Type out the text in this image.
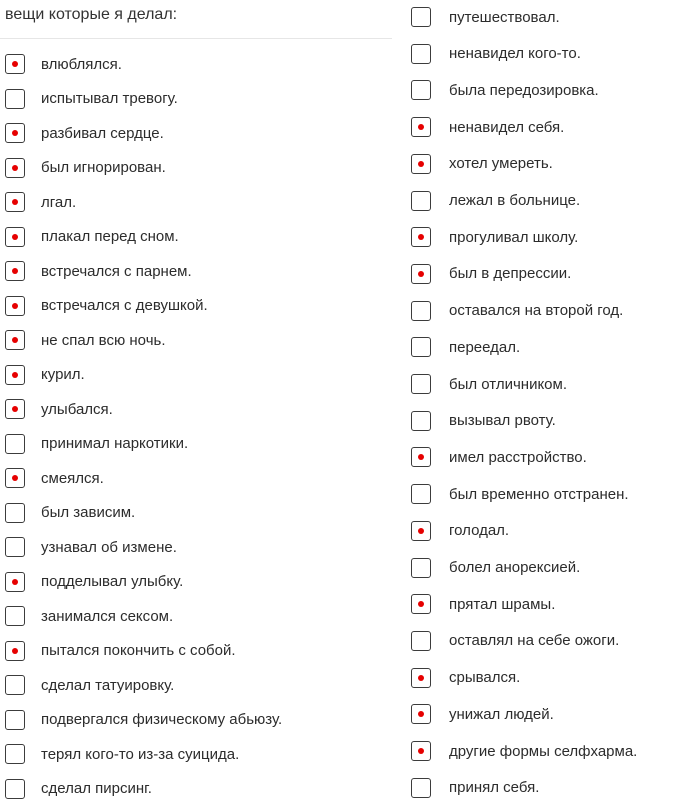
вещи которые я делал:
влюблялся.
испытывал тревогу.
разбивал сердце.
был игнорирован.
лгал.
плакал перед сном.
встречался с парнем.
встречался с девушкой.
не спал всю ночь.
курил.
улыбался.
принимал наркотики.
смеялся.
был зависим.
узнавал об измене.
подделывал улыбку.
занимался сексом.
пытался покончить с собой.
сделал татуировку.
подвергался физическому абьюзу.
терял кого-то из-за суицида.
сделал пирсинг.
путешествовал.
ненавидел кого-то.
была передозировка.
ненавидел себя.
хотел умереть.
лежал в больнице.
прогуливал школу.
был в депрессии.
оставался на второй год.
переедал.
был отличником.
вызывал рвоту.
имел расстройство.
был временно отстранен.
голодал.
болел анорексией.
прятал шрамы.
оставлял на себе ожоги.
срывался.
унижал людей.
другие формы селфхарма.
принял себя.
